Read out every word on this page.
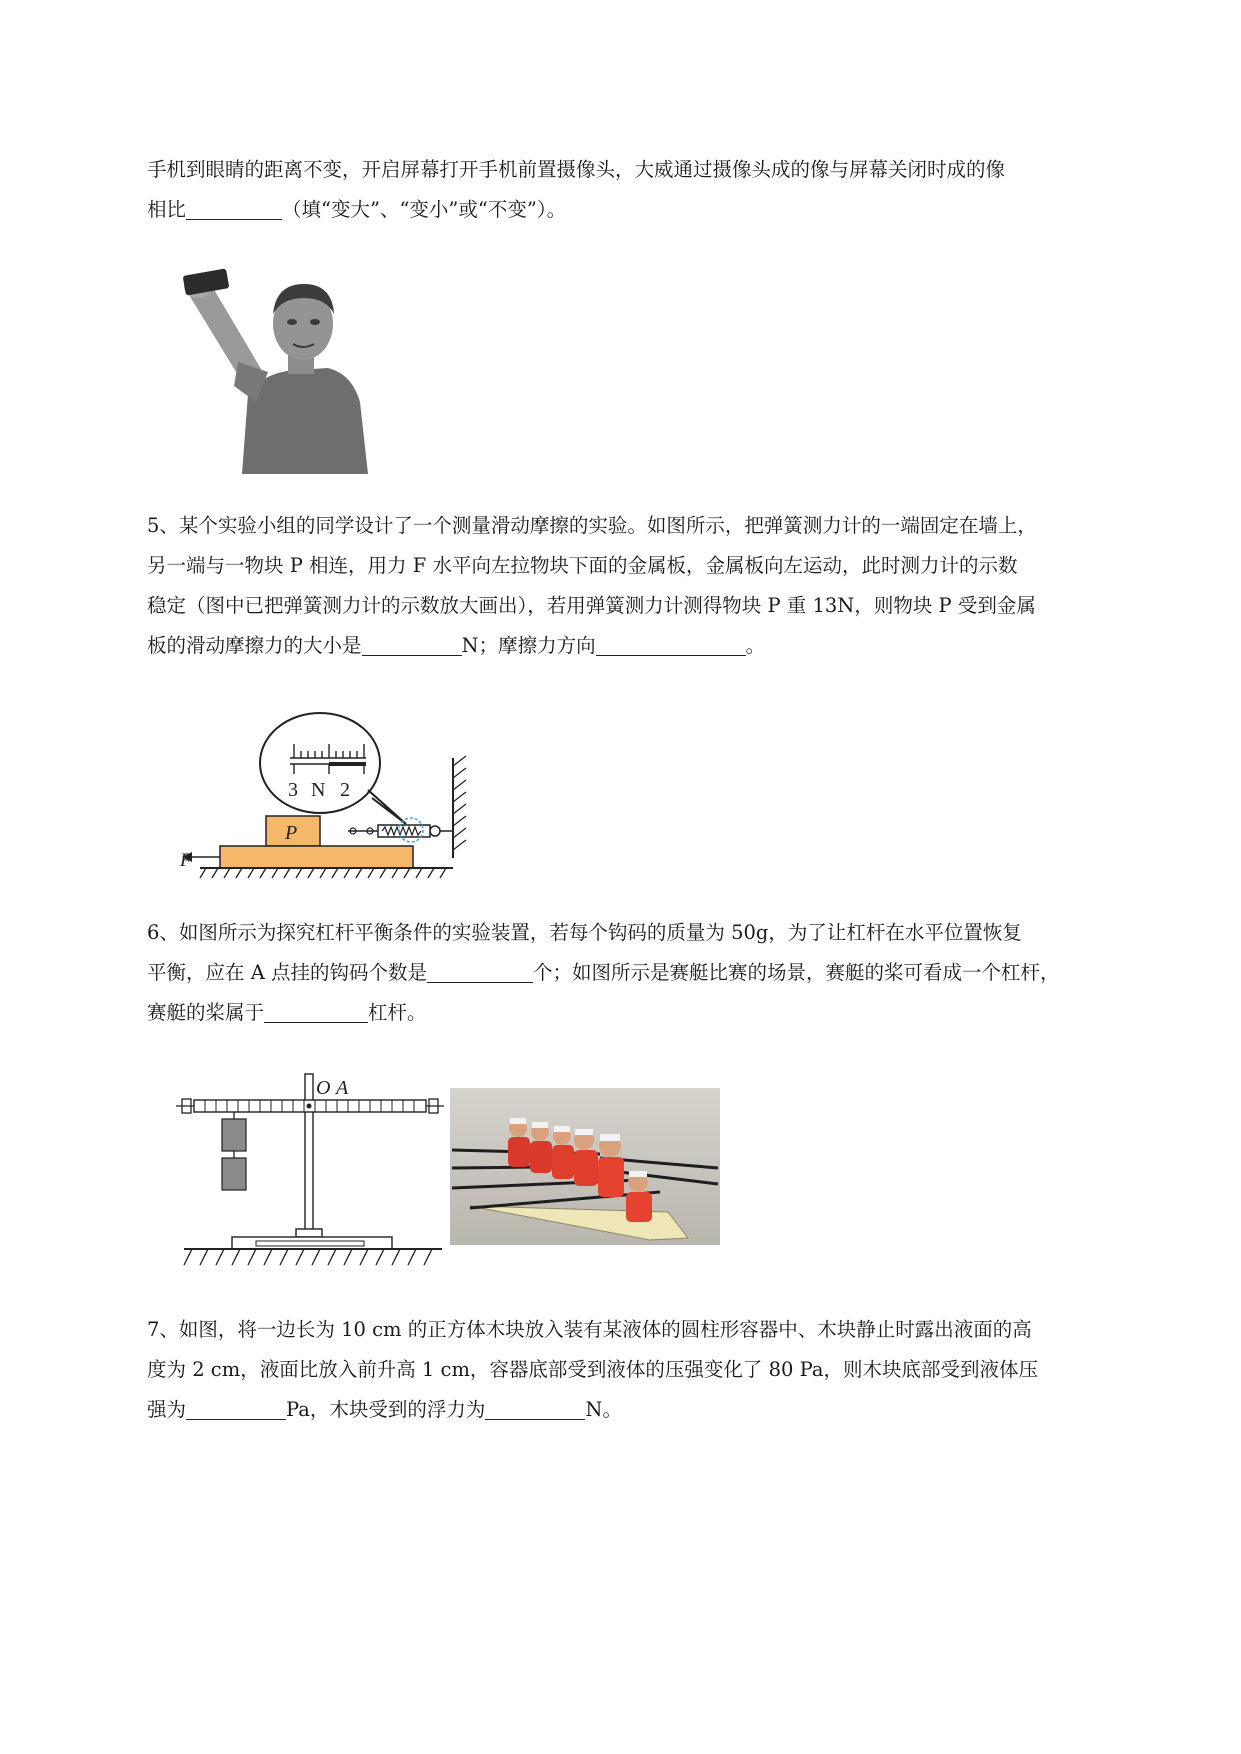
手机到眼睛的距离不变，开启屏幕打开手机前置摄像头，大威通过摄像头成的像与屏幕关闭时成的像
相比	（填“变大”、“变小”或“不变”）。
5、某个实验小组的同学设计了一个测量滑动摩擦的实验。如图所示，把弹簧测力计的一端固定在墙上，
另一端与一物块 P 相连，用力 F 水平向左拉物块下面的金属板，金属板向左运动，此时测力计的示数
稳定（图中已把弹簧测力计的示数放大画出），若用弹簧测力计测得物块 P 重 13N，则物块 P 受到金属
板的滑动摩擦力的大小是	N；摩擦力方向	。
3 N 2
P
F
6、如图所示为探究杠杆平衡条件的实验装置，若每个钩码的质量为 50g，为了让杠杆在水平位置恢复
平衡，应在 A 点挂的钩码个数是	个；如图所示是赛艇比赛的场景，赛艇的桨可看成一个杠杆，
赛艇的桨属于	杠杆。
O A
7、如图，将一边长为 10 cm 的正方体木块放入装有某液体的圆柱形容器中、木块静止时露出液面的高
度为 2 cm，液面比放入前升高 1 cm，容器底部受到液体的压强变化了 80 Pa，则木块底部受到液体压
强为	Pa，木块受到的浮力为	N。
